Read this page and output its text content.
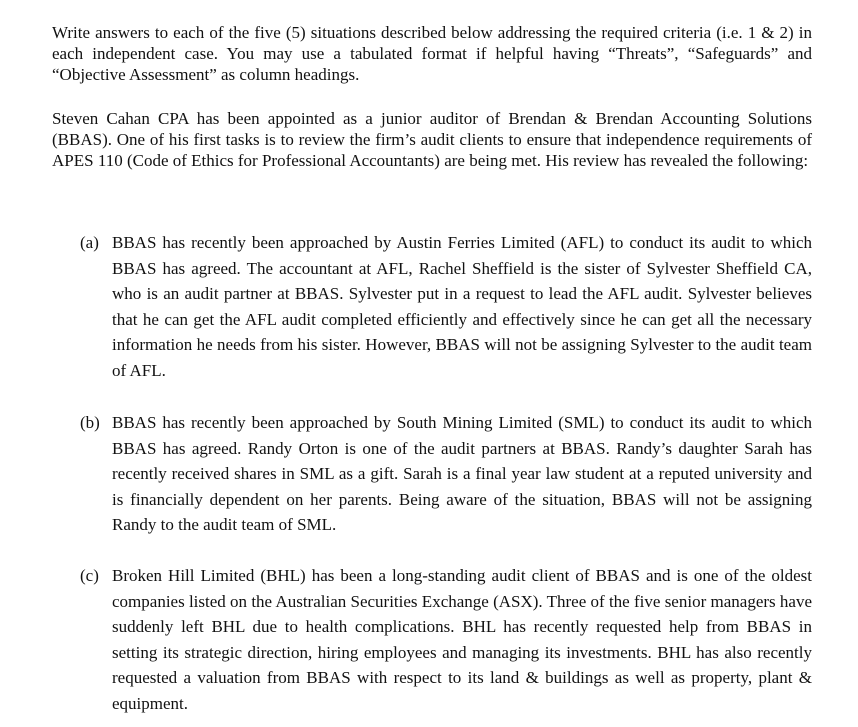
Write answers to each of the five (5) situations described below addressing the required criteria (i.e. 1 & 2) in each independent case. You may use a tabulated format if helpful having “Threats”, “Safeguards” and “Objective Assessment” as column headings.

Steven Cahan CPA has been appointed as a junior auditor of Brendan & Brendan Accounting Solutions (BBAS). One of his first tasks is to review the firm’s audit clients to ensure that independence requirements of APES 110 (Code of Ethics for Professional Accountants) are being met. His review has revealed the following:

(a) BBAS has recently been approached by Austin Ferries Limited (AFL) to conduct its audit to which BBAS has agreed. The accountant at AFL, Rachel Sheffield is the sister of Sylvester Sheffield CA, who is an audit partner at BBAS. Sylvester put in a request to lead the AFL audit. Sylvester believes that he can get the AFL audit completed efficiently and effectively since he can get all the necessary information he needs from his sister. However, BBAS will not be assigning Sylvester to the audit team of AFL.
(b) BBAS has recently been approached by South Mining Limited (SML) to conduct its audit to which BBAS has agreed. Randy Orton is one of the audit partners at BBAS. Randy’s daughter Sarah has recently received shares in SML as a gift. Sarah is a final year law student at a reputed university and is financially dependent on her parents. Being aware of the situation, BBAS will not be assigning Randy to the audit team of SML.
(c) Broken Hill Limited (BHL) has been a long-standing audit client of BBAS and is one of the oldest companies listed on the Australian Securities Exchange (ASX). Three of the five senior managers have suddenly left BHL due to health complications. BHL has recently requested help from BBAS in setting its strategic direction, hiring employees and managing its investments. BHL has also recently requested a valuation from BBAS with respect to its land & buildings as well as property, plant & equipment.
